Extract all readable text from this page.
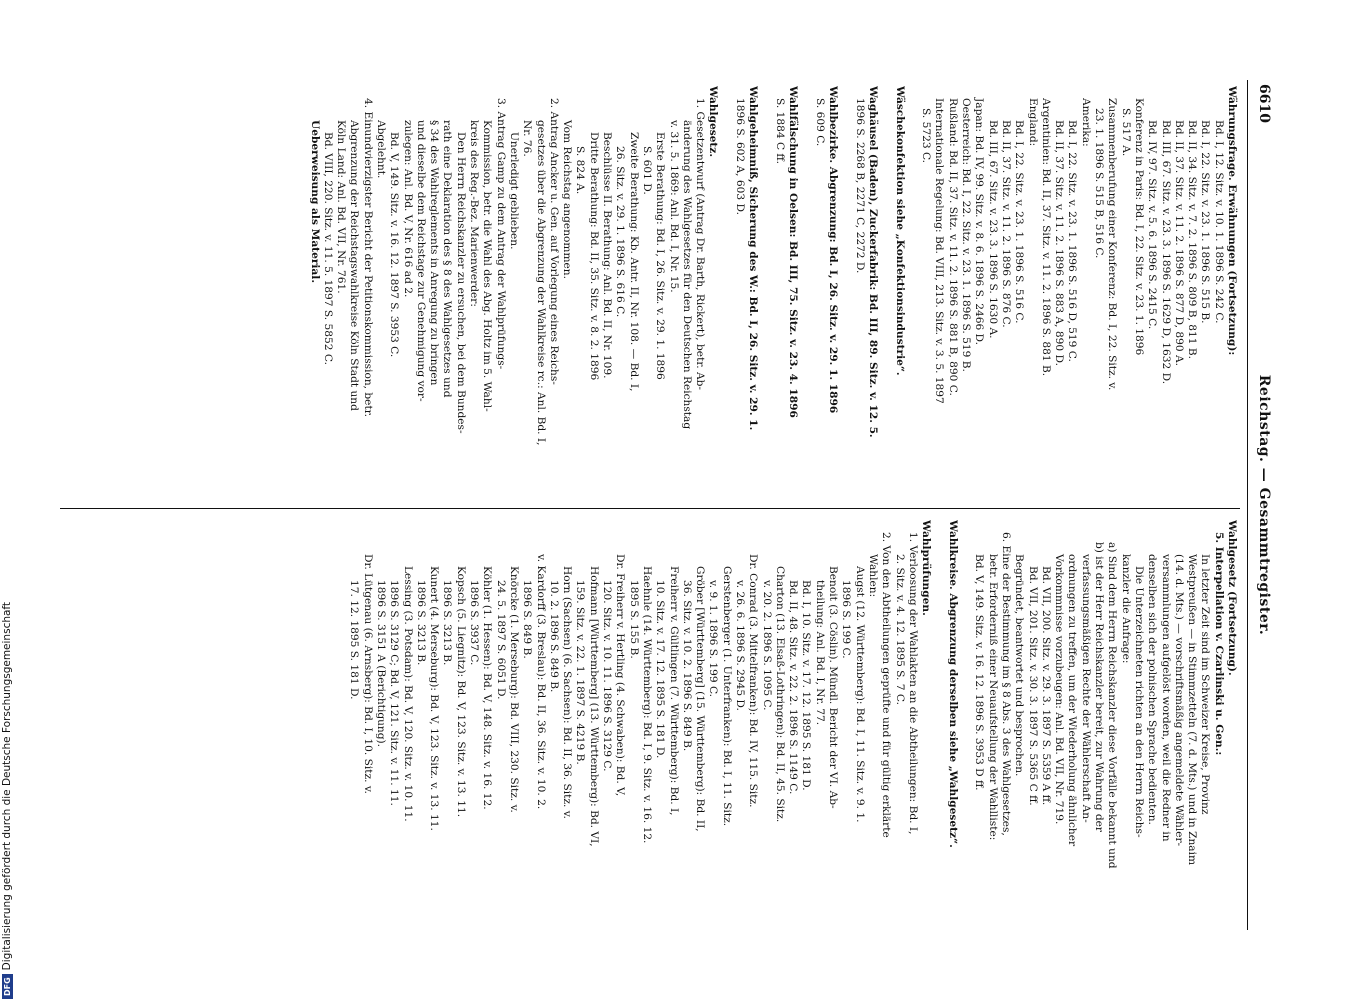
6610
Reichstag. — Gesammtregister.
Währungsfrage. Erwähnungen (Fortsetzung):
Bd. I, 12. Sitz. v. 10. 1. 1896 S. 242 C.
Bd. I, 22. Sitz. v. 23. 1. 1896 S. 515 B.
Bd. II, 34. Sitz. v. 7. 2. 1896 S. 809 B, 811 B.
Bd. II, 37. Sitz. v. 11. 2. 1896 S. 877 D, 890 A.
Bd. III, 67. Sitz. v. 23. 3. 1896 S. 1629 D, 1632 D.
Bd. IV, 97. Sitz. v. 5. 6. 1896 S. 2415 C.
Konferenz in Paris: Bd. I, 22. Sitz. v. 23. 1. 1896
S. 517 A.
Zusammenberufung einer Konferenz: Bd. I, 22. Sitz. v.
23. 1. 1896 S. 515 B, 516 C.
Amerika:
Bd. I, 22. Sitz. v. 23. 1. 1896 S. 516 D, 519 C.
Bd. II, 37. Sitz. v. 11. 2. 1896 S. 883 A, 890 D.
Argentinien: Bd. II, 37. Sitz. v. 11. 2. 1896 S. 881 B.
England:
Bd. I, 22. Sitz. v. 23. 1. 1896 S. 516 C.
Bd. II, 37. Sitz. v. 11. 2. 1896 S. 876 C.
Bd. III, 67. Sitz. v. 23. 3. 1896 S. 1630 A.
Japan: Bd. IV, 99. Sitz. v. 8. 6. 1896 S. 2466 D.
Oesterreich: Bd. I, 22. Sitz. v. 23. 1. 1896 S. 519 B.
Rußland: Bd. II, 37. Sitz. v. 11. 2. 1896 S. 881 B, 890 C.
Internationale Regelung: Bd. VIII, 213. Sitz. v. 3. 5. 1897
S. 5723 C.
Wäschekonfektion siehe „Konfektionsindustrie“.
Waghäusel (Baden), Zuckerfabrik: Bd. III, 89. Sitz. v. 12. 5.
1896 S. 2268 B, 2271 C, 2272 D.
Wahlbezirke. Abgrenzung: Bd. I, 26. Sitz. v. 29. 1. 1896
S. 609 C.
Wahlfälschung in Oelsen: Bd. III, 75. Sitz. v. 23. 4. 1896
S. 1884 C ff.
Wahlgeheimniß, Sicherung des W.: Bd. I, 26. Sitz. v. 29. 1.
1896 S. 602 A, 603 D.
Wahlgesetz.
1. Gesetzentwurf (Antrag Dr. Barth, Rickert), betr. Ab-
änderung des Wahlgesetzes für den Deutschen Reichstag
v. 31. 5. 1869: Anl. Bd. I, Nr. 15.
Erste Berathung: Bd. I, 26. Sitz. v. 29. 1. 1896
S. 601 D.
Zweite Berathung: Kb. Antr. II, Nr. 108. — Bd. I,
26. Sitz. v. 29. 1. 1896 S. 616 C.
Beschlüsse II. Berathung: Anl. Bd. II, Nr. 109.
Dritte Berathung: Bd. II, 35. Sitz. v. 8. 2. 1896
S. 824 A.
Vom Reichstag angenommen.
2. Antrag Ancker u. Gen. auf Vorlegung eines Reichs-
gesetzes über die Abgrenzung der Wahlkreise rc.: Anl. Bd. I,
Nr. 76.
Unerledigt geblieben.
3. Antrag Gamp zu dem Antrag der Wahlprüfungs-
Kommission, betr. die Wahl des Abg. Holtz im 5. Wahl-
kreis des Reg.-Bez. Marienwerder:
Den Herrn Reichskanzler zu ersuchen, bei dem Bundes-
rath eine Deklaration des § 8 des Wahlgesetzes und
§ 34 des Wahlreglements in Anregung zu bringen
und dieselbe dem Reichstage zur Genehmigung vor-
zulegen: Anl. Bd. V, Nr. 616 ad 2.
Bd. V, 149. Sitz. v. 16. 12. 1897 S. 3953 C.
Abgelehnt.
4. Einundvierzigster Bericht der Petitionskommission, betr.
Abgrenzung der Reichstagswahlkreise Köln Stadt und
Köln Land: Anl. Bd. VII, Nr. 761.
Bd. VIII, 220. Sitz. v. 11. 5. 1897 S. 5852 C.
Ueberweisung als Material.
Wahlgesetz (Fortsetzung).
5. Interpellation v. Czarlinski u. Gen.:
In letzter Zeit sind im Schweizer Kreise, Provinz
Westpreußen — in Stimmzetteln (7. d. Mts.) und in Znaim
(14. d. Mts.) — vorschriftsmäßig angemeldete Wähler-
versammlungen aufgelöst worden, weil die Redner in
denselben sich der polnischen Sprache bedienten.
Die Unterzeichneten richten an den Herrn Reichs-
kanzler die Anfrage:
a) Sind dem Herrn Reichskanzler diese Vorfälle bekannt und
b) ist der Herr Reichskanzler bereit, zur Wahrung der
verfassungsmäßigen Rechte der Wählerschaft An-
ordnungen zu treffen, um der Wiederholung ähnlicher
Vorkommnisse vorzubeugen: Anl. Bd. VII, Nr. 719.
Bd. VII, 200. Sitz. v. 29. 3. 1897 S. 5359 A ff.
Bd. VII, 201. Sitz. v. 30. 3. 1897 S. 5365 C ff.
Begründet, beantwortet und besprochen.
6. Eine der Bestimmung im § 8 Abs. 3 des Wahlgesetzes,
betr. Erforderniß einer Neuaufstellung der Wahlliste:
Bd. V, 149. Sitz. v. 16. 12. 1896 S. 3953 D ff.
Wahlkreise. Abgrenzung derselben siehe „Wahlgesetz“.
Wahlprüfungen.
1. Verloosung der Wahlakten an die Abtheilungen: Bd. I,
2. Sitz. v. 4. 12. 1895 S. 7 C.
2. Von den Abtheilungen geprüfte und für gültig erklärte
Wahlen:
Augst (12. Württemberg): Bd. I, 11. Sitz. v. 9. 1.
1896 S. 199 C.
Benoit (3. Cöslin). Mündl. Bericht der VI. Ab-
theilung: Anl. Bd. I, Nr. 77.
Bd. I, 10. Sitz. v. 17. 12. 1895 S. 181 D.
Bd. II, 48. Sitz. v. 22. 2. 1896 S. 1149 C.
Charton (13. Elsaß-Lothringen): Bd. II, 45. Sitz.
v. 20. 2. 1896 S. 1095 C.
Dr. Conrad (3. Mittelfranken): Bd. IV, 115. Sitz.
v. 26. 6. 1896 S. 2945 D.
Gerstenberger (1. Unterfranken): Bd. I, 11. Sitz.
v. 9. 1. 1896 S. 199 C.
Gröber [Württemberg] (15. Württemberg): Bd. II,
36. Sitz. v. 10. 2. 1896 S. 849 B.
Freiherr v. Gültlingen (7. Württemberg): Bd. I,
10. Sitz. v. 17. 12. 1895 S. 181 D.
Haehnle (14. Württemberg): Bd. I, 9. Sitz. v. 16. 12.
1895 S. 155 B.
Dr. Freiherr v. Hertling (4. Schwaben): Bd. V,
120. Sitz. v. 10. 11. 1896 S. 3129 C.
Hofmann [Württemberg] (13. Württemberg): Bd. VI,
159. Sitz. v. 22. 1. 1897 S. 4219 B.
Horn (Sachsen) (6. Sachsen): Bd. II, 36. Sitz. v.
10. 2. 1896 S. 849 B.
v. Kardorff (3. Breslau): Bd. II, 36. Sitz. v. 10. 2.
1896 S. 849 B.
Knörcke (1. Merseburg): Bd. VIII, 230. Sitz. v.
24. 5. 1897 S. 6051 D.
Köhler (1. Hessen): Bd. V, 148. Sitz. v. 16. 12.
1896 S. 3937 C.
Kopsch (5. Liegnitz): Bd. V, 123. Sitz. v. 13. 11.
1896 S. 3213 B.
Kunert (4. Merseburg): Bd. V, 123. Sitz. v. 13. 11.
1896 S. 3213 B.
Lessing (3. Potsdam): Bd. V, 120. Sitz. v. 10. 11.
1896 S. 3129 C; Bd. V, 121. Sitz. v. 11. 11.
1896 S. 3151 A (Berichtigung).
Dr. Lütgenau (6. Arnsberg): Bd. I, 10. Sitz. v.
17. 12. 1895 S. 181 D.
DFGDigitalisierung gefördert durch die Deutsche Forschungsgemeinschaft
